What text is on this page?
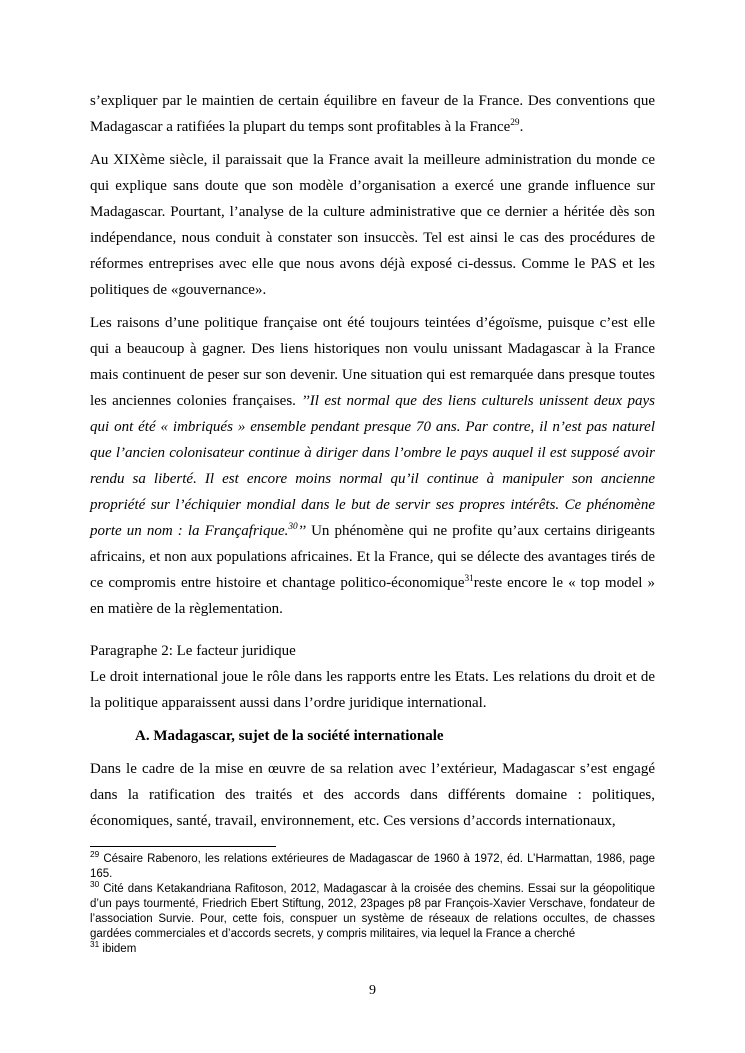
s’expliquer par le maintien de certain équilibre en faveur de la France. Des conventions que Madagascar a ratifiées la plupart du temps sont profitables à la France$^{29}$.

Au XIXème siècle, il paraissait que la France avait la meilleure administration du monde ce qui explique sans doute que son modèle d’organisation a exercé une grande influence sur Madagascar. Pourtant, l’analyse de la culture administrative que ce dernier a héritée dès son indépendance, nous conduit à constater son insuccès. Tel est ainsi le cas des procédures de réformes entreprises avec elle que nous avons déjà exposé ci-dessus. Comme le PAS et les politiques de «gouvernance».

Les raisons d’une politique française ont été toujours teintées d’égoïsme, puisque c’est elle qui a beaucoup à gagner. Des liens historiques non voulu unissant Madagascar à la France mais continuent de peser sur son devenir. Une situation qui est remarquée dans presque toutes les anciennes colonies françaises. ’’Il est normal que des liens culturels unissent deux pays qui ont été « imbriqués » ensemble pendant presque 70 ans. Par contre, il n’est pas naturel que l’ancien colonisateur continue à diriger dans l’ombre le pays auquel il est supposé avoir rendu sa liberté. Il est encore moins normal qu’il continue à manipuler son ancienne propriété sur l’échiquier mondial dans le but de servir ses propres intérêts. Ce phénomène porte un nom : la Françafrique.$^{30}$’’ Un phénomène qui ne profite qu’aux certains dirigeants africains, et non aux populations africaines. Et la France, qui se délecte des avantages tirés de ce compromis entre histoire et chantage politico-économique$^{31}$reste encore le « top model » en matière de la règlementation.

Paragraphe 2: Le facteur juridique

Le droit international joue le rôle dans les rapports entre les Etats. Les relations du droit et de la politique apparaissent aussi dans l’ordre juridique international.

A. Madagascar, sujet de la société internationale

Dans le cadre de la mise en œuvre de sa relation avec l’extérieur, Madagascar s’est engagé dans la ratification des traités et des accords dans différents domaine : politiques, économiques, santé, travail, environnement, etc. Ces versions d’accords internationaux,

$^{29}$ Césaire Rabenoro, les relations extérieures de Madagascar de 1960 à 1972, éd. L’Harmattan, 1986, page 165.

$^{30}$ Cité dans Ketakandriana Rafitoson, 2012, Madagascar à la croisée des chemins. Essai sur la géopolitique d’un pays tourmenté, Friedrich Ebert Stiftung, 2012, 23pages p8 par François-Xavier Verschave, fondateur de l’association Survie. Pour, cette fois, conspuer un système de réseaux de relations occultes, de chasses gardées commerciales et d’accords secrets, y compris militaires, via lequel la France a cherché

$^{31}$ ibidem

9
